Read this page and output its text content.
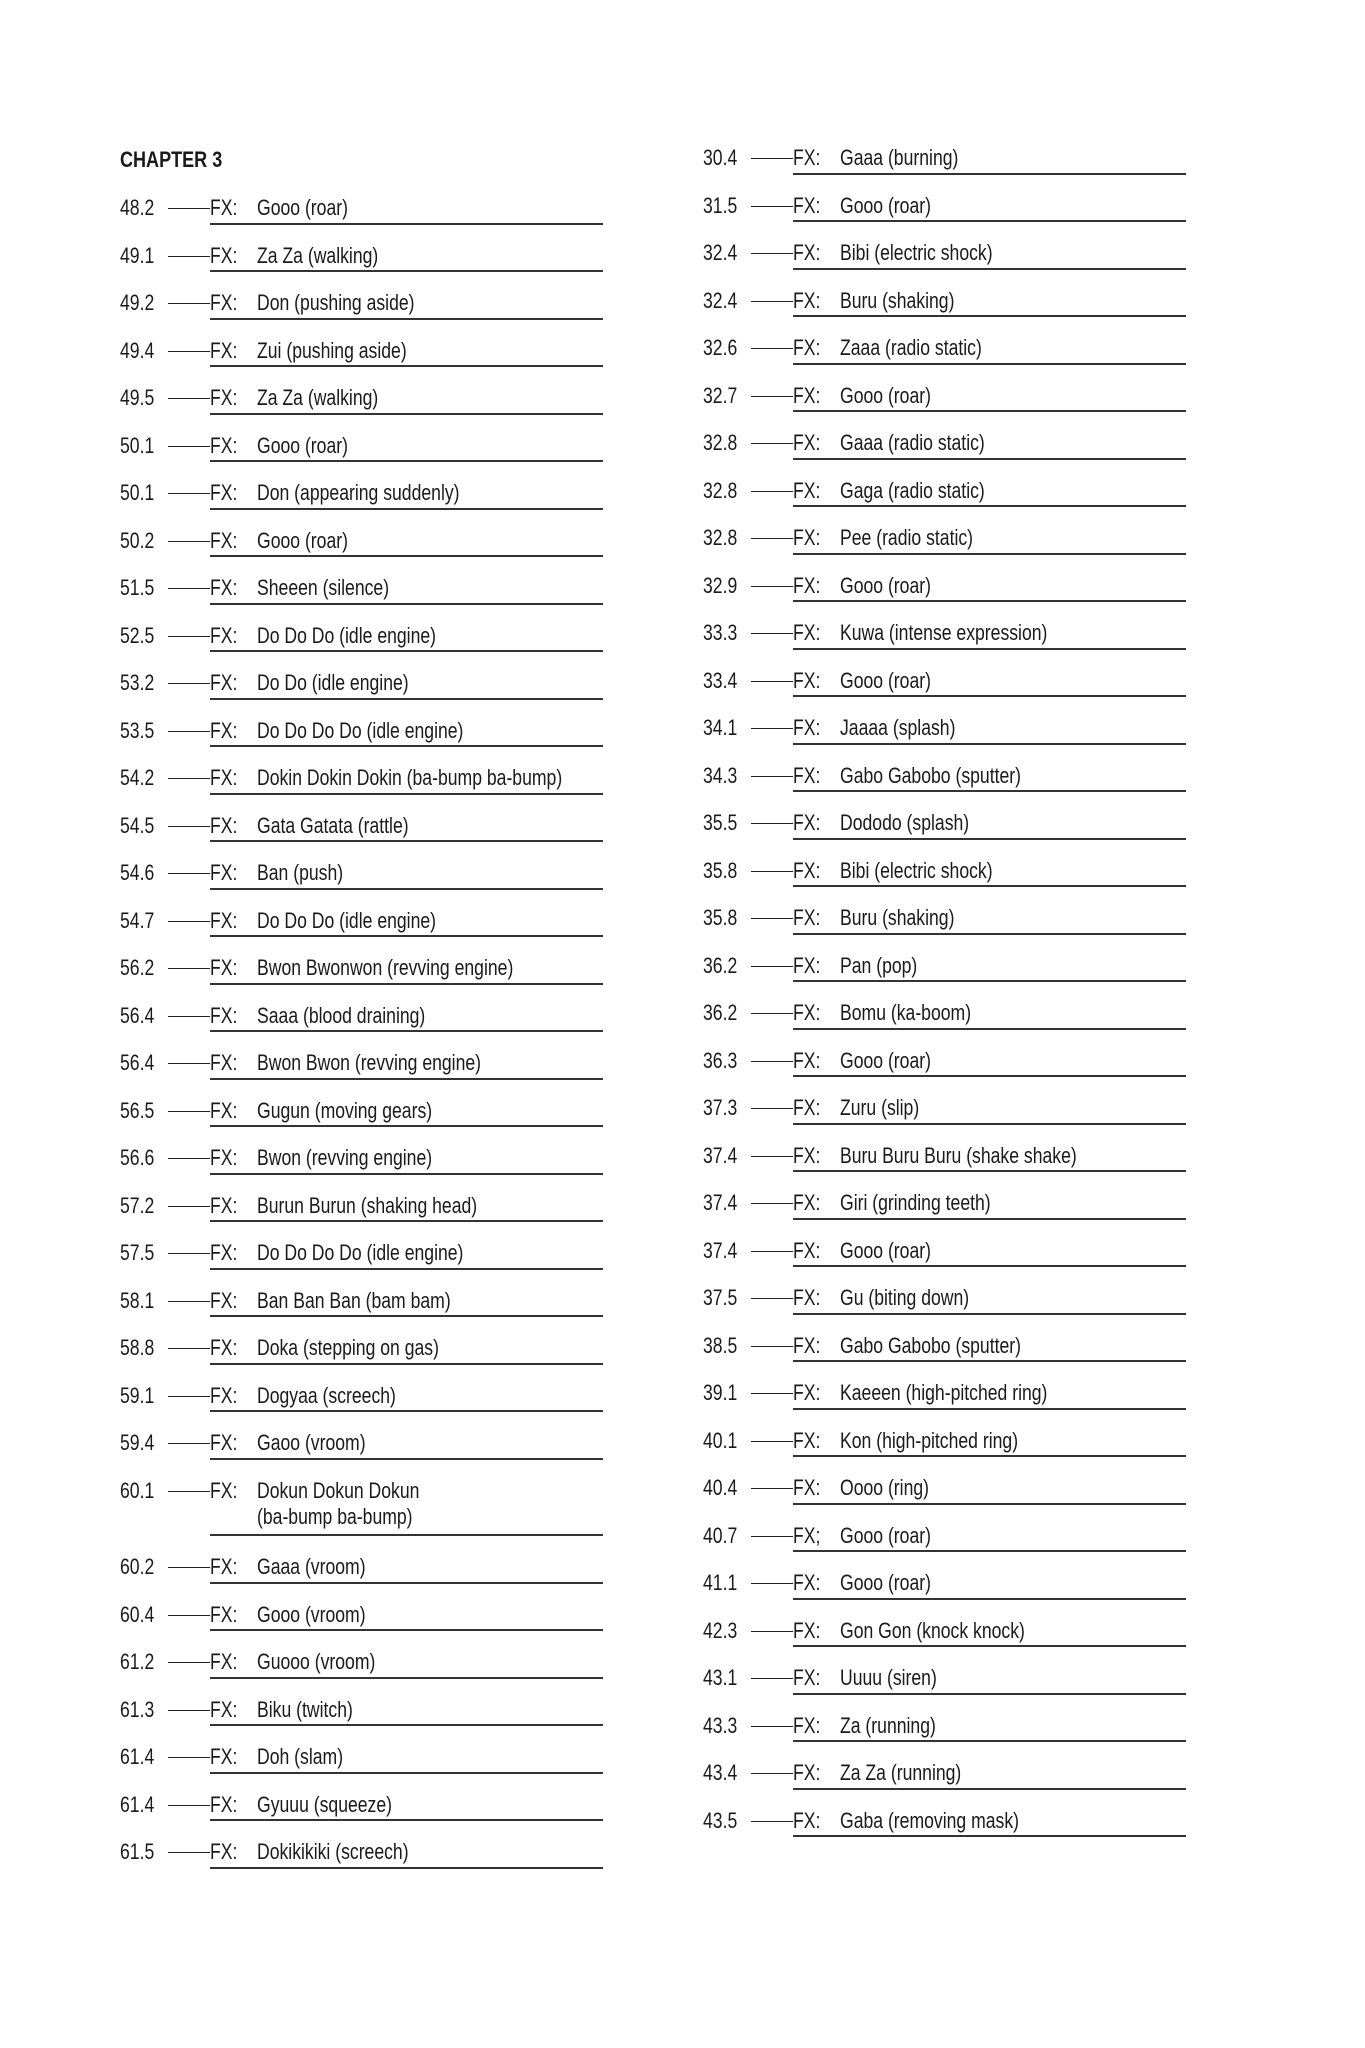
CHAPTER 3
48.2	FX: Gooo (roar)
49.1	FX: Za Za (walking)
49.2	FX: Don (pushing aside)
49.4	FX: Zui (pushing aside)
49.5	FX: Za Za (walking)
50.1	FX: Gooo (roar)
50.1	FX: Don (appearing suddenly)
50.2	FX: Gooo (roar)
51.5	FX: Sheeen (silence)
52.5	FX: Do Do Do (idle engine)
53.2	FX: Do Do (idle engine)
53.5	FX: Do Do Do Do (idle engine)
54.2	FX: Dokin Dokin Dokin (ba-bump ba-bump)
54.5	FX: Gata Gatata (rattle)
54.6	FX: Ban (push)
54.7	FX: Do Do Do (idle engine)
56.2	FX: Bwon Bwonwon (revving engine)
56.4	FX: Saaa (blood draining)
56.4	FX: Bwon Bwon (revving engine)
56.5	FX: Gugun (moving gears)
56.6	FX: Bwon (revving engine)
57.2	FX: Burun Burun (shaking head)
57.5	FX: Do Do Do Do (idle engine)
58.1	FX: Ban Ban Ban (bam bam)
58.8	FX: Doka (stepping on gas)
59.1	FX: Dogyaa (screech)
59.4	FX: Gaoo (vroom)
60.1	FX: Dokun Dokun Dokun
(ba-bump ba-bump)
60.2	FX: Gaaa (vroom)
60.4	FX: Gooo (vroom)
61.2	FX: Guooo (vroom)
61.3	FX: Biku (twitch)
61.4	FX: Doh (slam)
61.4	FX: Gyuuu (squeeze)
61.5	FX: Dokikikiki (screech)
30.4	FX: Gaaa (burning)
31.5	FX: Gooo (roar)
32.4	FX: Bibi (electric shock)
32.4	FX: Buru (shaking)
32.6	FX: Zaaa (radio static)
32.7	FX: Gooo (roar)
32.8	FX: Gaaa (radio static)
32.8	FX: Gaga (radio static)
32.8	FX: Pee (radio static)
32.9	FX: Gooo (roar)
33.3	FX: Kuwa (intense expression)
33.4	FX: Gooo (roar)
34.1	FX: Jaaaa (splash)
34.3	FX: Gabo Gabobo (sputter)
35.5	FX: Dododo (splash)
35.8	FX: Bibi (electric shock)
35.8	FX: Buru (shaking)
36.2	FX: Pan (pop)
36.2	FX: Bomu (ka-boom)
36.3	FX: Gooo (roar)
37.3	FX: Zuru (slip)
37.4	FX: Buru Buru Buru (shake shake)
37.4	FX: Giri (grinding teeth)
37.4	FX: Gooo (roar)
37.5	FX: Gu (biting down)
38.5	FX: Gabo Gabobo (sputter)
39.1	FX: Kaeeen (high-pitched ring)
40.1	FX: Kon (high-pitched ring)
40.4	FX: Oooo (ring)
40.7	FX; Gooo (roar)
41.1	FX: Gooo (roar)
42.3	FX: Gon Gon (knock knock)
43.1	FX: Uuuu (siren)
43.3	FX: Za (running)
43.4	FX: Za Za (running)
43.5	FX: Gaba (removing mask)
